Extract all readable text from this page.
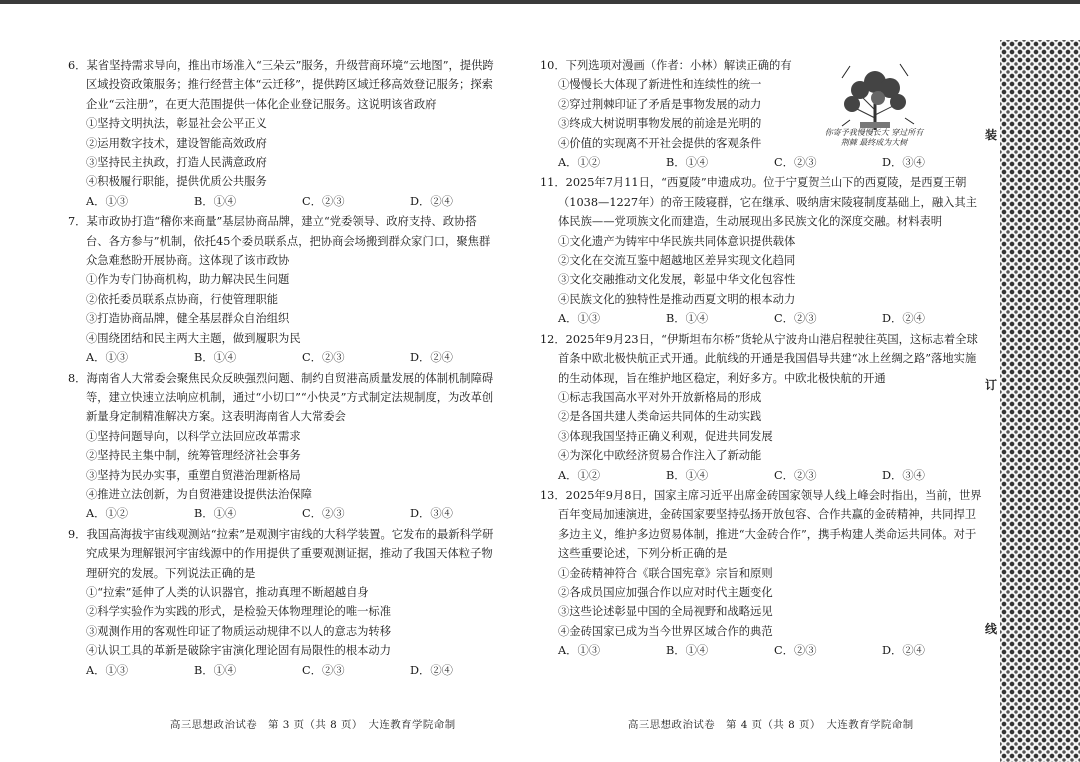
6．某省坚持需求导向，推出市场准入“三朵云”服务，升级营商环境“云地图”，提供跨区域投资政策服务；推行经营主体“云迁移”，提供跨区域迁移高效登记服务；探索企业“云注册”，在更大范围提供一体化企业登记服务。这说明该省政府

①坚持文明执法，彰显社会公平正义

②运用数字技术，建设智能高效政府

③坚持民主执政，打造人民满意政府

④积极履行职能，提供优质公共服务

A．①③	B．①④	C．②③	D．②④

7．某市政协打造“稽你来商量”基层协商品牌，建立“党委领导、政府支持、政协搭台、各方参与”机制，依托45个委员联系点，把协商会场搬到群众家门口，聚焦群众急难愁盼开展协商。这体现了该市政协

①作为专门协商机构，助力解决民生问题

②依托委员联系点协商，行使管理职能

③打造协商品牌，健全基层群众自治组织

④围绕团结和民主两大主题，做到履职为民

A．①③	B．①④	C．②③	D．②④

8．海南省人大常委会聚焦民众反映强烈问题、制约自贸港高质量发展的体制机制障碍等，建立快速立法响应机制，通过“小切口”“小快灵”方式制定法规制度，为改革创新量身定制精准解决方案。这表明海南省人大常委会

①坚持问题导向，以科学立法回应改革需求

②坚持民主集中制，统筹管理经济社会事务

③坚持为民办实事，重塑自贸港治理新格局

④推进立法创新，为自贸港建设提供法治保障

A．①②	B．①④	C．②③	D．③④

9．我国高海拔宇宙线观测站“拉索”是观测宇宙线的大科学装置。它发布的最新科学研究成果为理解银河宇宙线源中的作用提供了重要观测证据，推动了我国天体粒子物理研究的发展。下列说法正确的是

①“拉索”延伸了人类的认识器官，推动真理不断超越自身

②科学实验作为实践的形式，是检验天体物理理论的唯一标准

③观测作用的客观性印证了物质运动规律不以人的意志为转移

④认识工具的革新是破除宇宙演化理论固有局限性的根本动力

A．①③	B．①④	C．②③	D．②④
高三思想政治试卷　第 3 页（共 8 页）　大连教育学院命制

10．下列选项对漫画（作者：小林）解读正确的有

①慢慢长大体现了新进性和连续性的统一

②穿过荆棘印证了矛盾是事物发展的动力

③终成大树说明事物发展的前途是光明的

④价值的实现离不开社会提供的客观条件

A．①②	B．①④	C．②③	D．③④

11．2025年7月11日，“西夏陵”申遗成功。位于宁夏贺兰山下的西夏陵，是西夏王朝（1038—1227年）的帝王陵寝群，它在继承、吸纳唐宋陵寝制度基础上，融入其主体民族——党项族文化而建造，生动展现出多民族文化的深度交融。材料表明

①文化遗产为铸牢中华民族共同体意识提供载体

②文化在交流互鉴中超越地区差异实现文化趋同

③文化交融推动文化发展，彰显中华文化包容性

④民族文化的独特性是推动西夏文明的根本动力

A．①③	B．①④	C．②③	D．②④

12．2025年9月23日，“伊斯坦布尔桥”货轮从宁波舟山港启程驶往英国，这标志着全球首条中欧北极快航正式开通。此航线的开通是我国倡导共建“冰上丝绸之路”落地实施的生动体现，旨在维护地区稳定，利好多方。中欧北极快航的开通

①标志我国高水平对外开放新格局的形成

②是各国共建人类命运共同体的生动实践

③体现我国坚持正确义利观，促进共同发展

④为深化中欧经济贸易合作注入了新动能

A．①②	B．①④	C．②③	D．③④

13．2025年9月8日，国家主席习近平出席金砖国家领导人线上峰会时指出，当前，世界百年变局加速演进，金砖国家要坚持弘扬开放包容、合作共赢的金砖精神，共同捍卫多边主义，维护多边贸易体制，推进“大金砖合作”，携手构建人类命运共同体。对于这些重要论述，下列分析正确的是

①金砖精神符合《联合国宪章》宗旨和原则

②各成员国应加强合作以应对时代主题变化

③这些论述彰显中国的全局视野和战略远见

④金砖国家已成为当今世界区域合作的典范

A．①③	B．①④	C．②③	D．②④
高三思想政治试卷　第 4 页（共 8 页）　大连教育学院命制
你寄予我慢慢长大 穿过所有荆棘 最终成为大树
装
订
线
